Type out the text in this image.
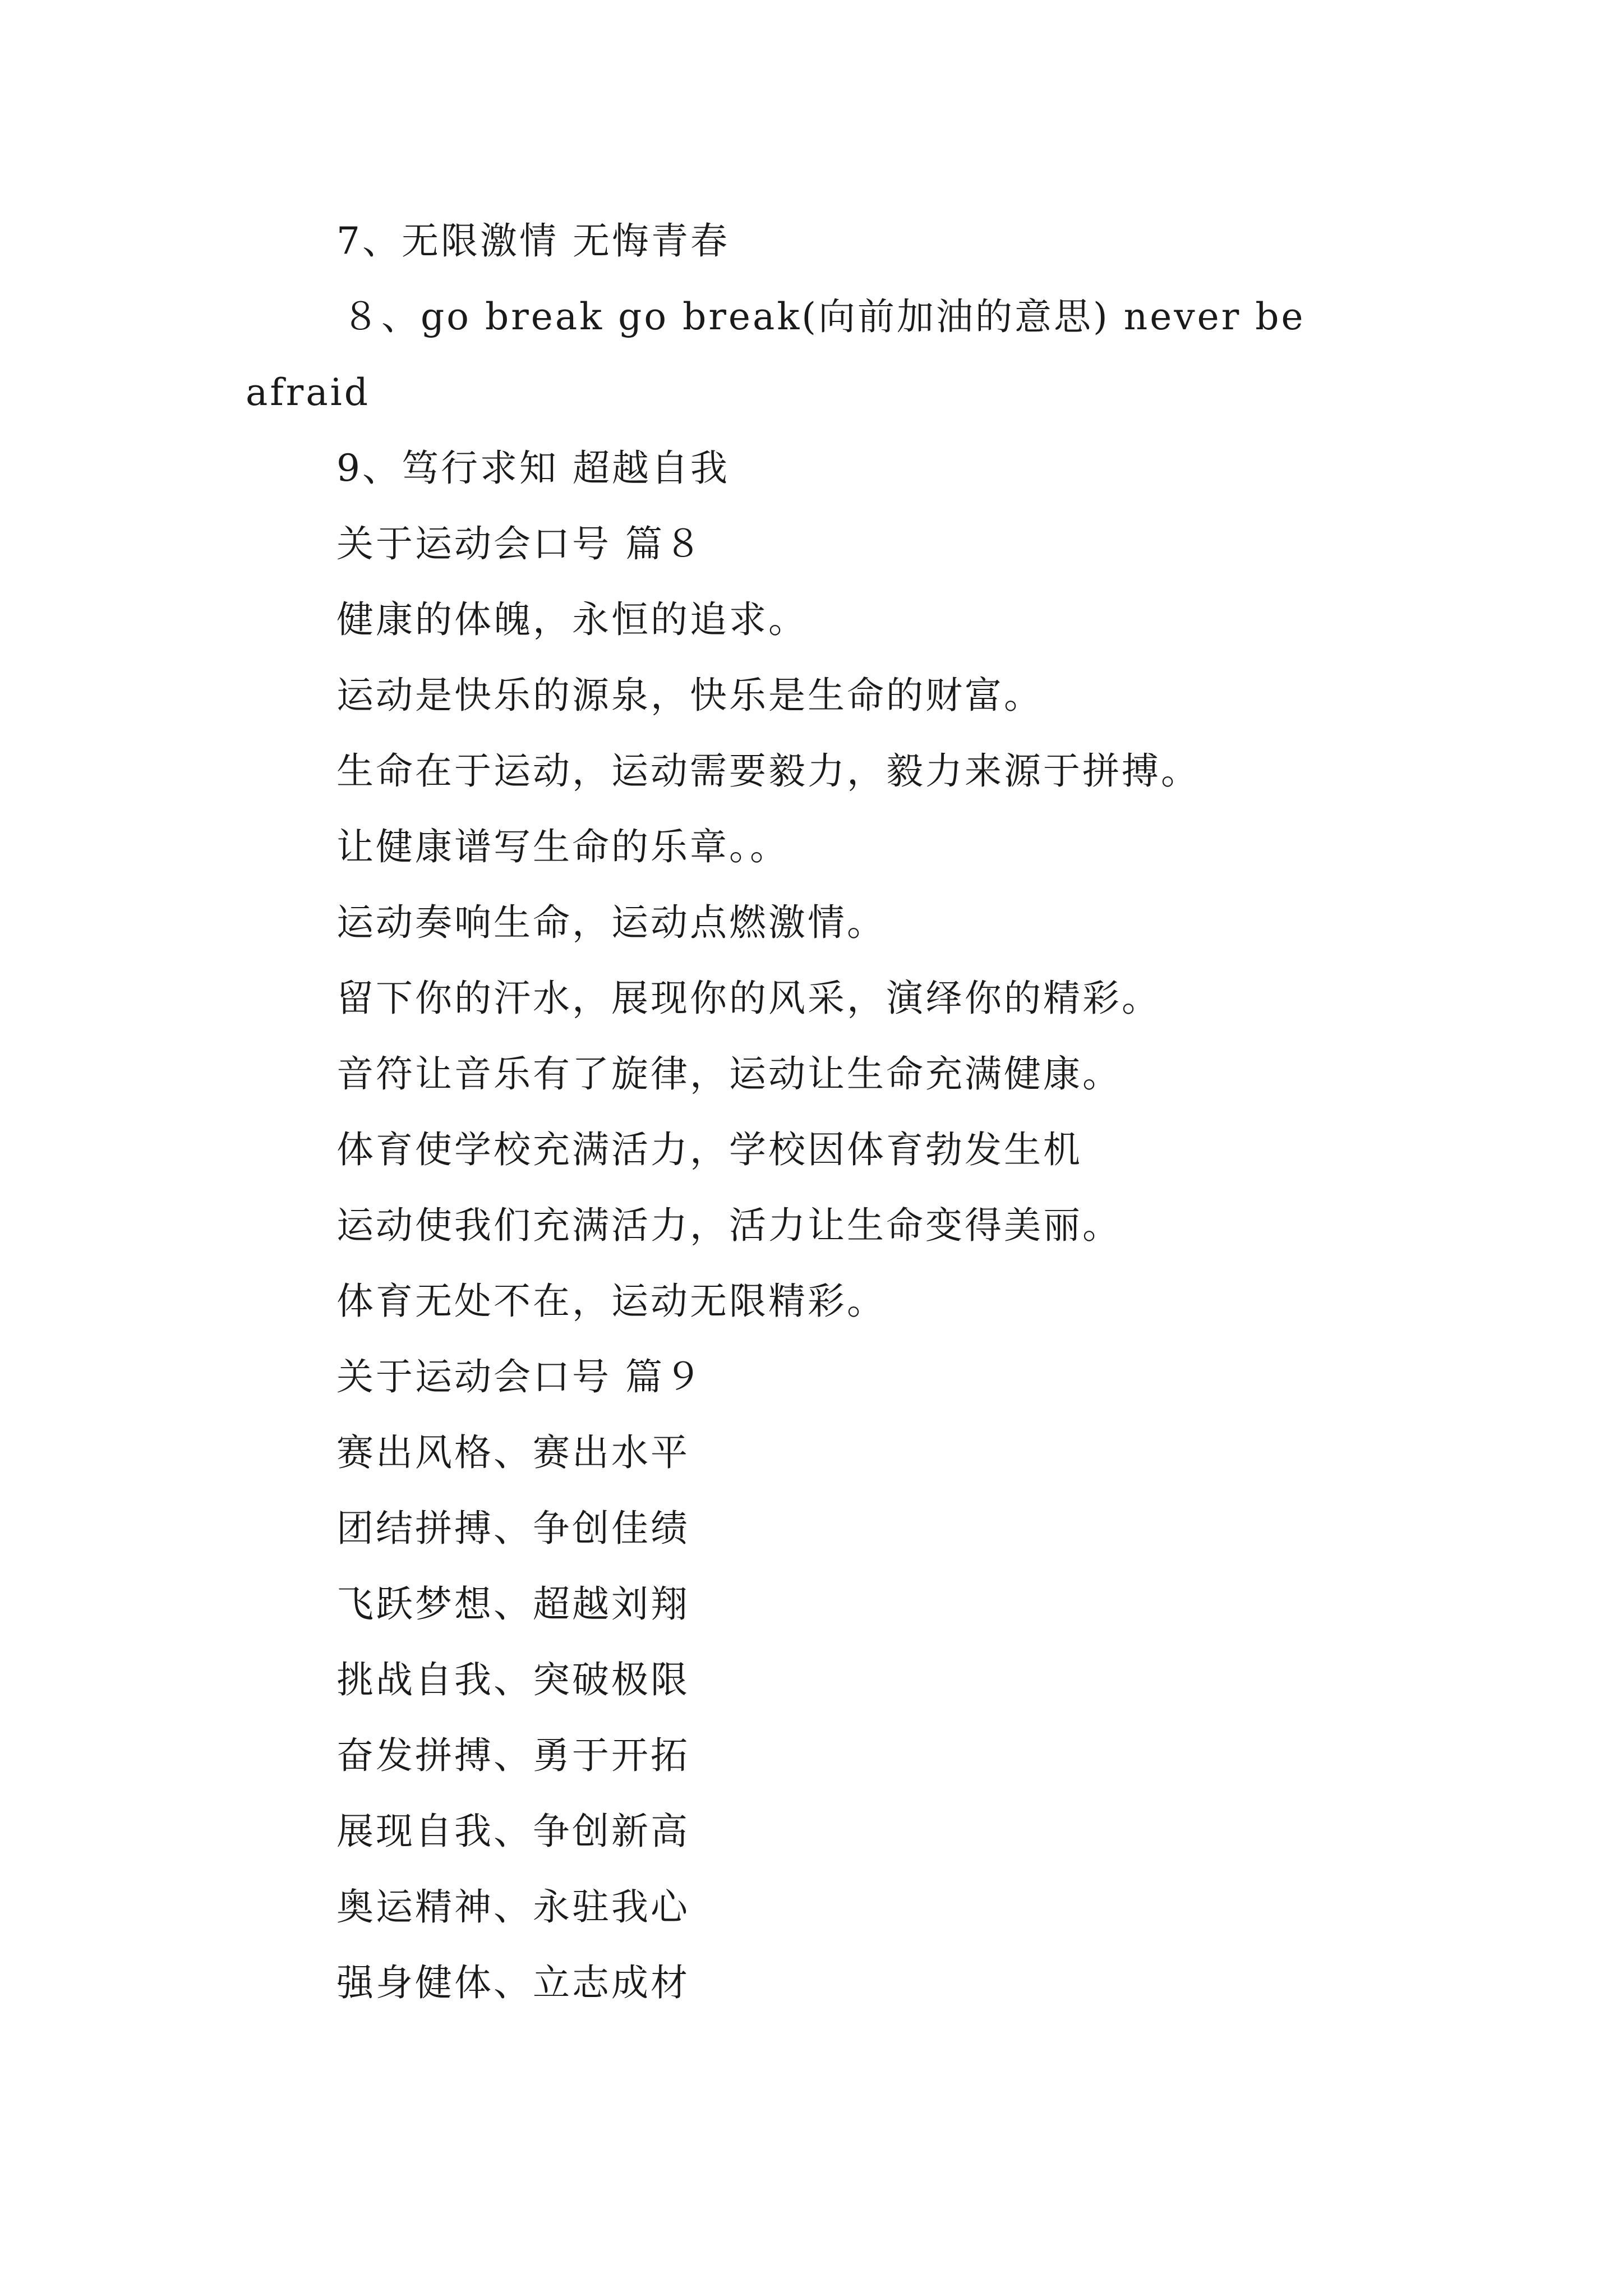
7、无限激情 无悔青春
８、go break go break(向前加油的意思) never be
afraid
9、笃行求知 超越自我
关于运动会口号 篇８
健康的体魄，永恒的追求。
运动是快乐的源泉，快乐是生命的财富。
生命在于运动，运动需要毅力，毅力来源于拼搏。
让健康谱写生命的乐章。。
运动奏响生命，运动点燃激情。
留下你的汗水，展现你的风采，演绎你的精彩。
音符让音乐有了旋律，运动让生命充满健康。
体育使学校充满活力，学校因体育勃发生机
运动使我们充满活力，活力让生命变得美丽。
体育无处不在，运动无限精彩。
关于运动会口号 篇９
赛出风格、赛出水平
团结拼搏、争创佳绩
飞跃梦想、超越刘翔
挑战自我、突破极限
奋发拼搏、勇于开拓
展现自我、争创新高
奥运精神、永驻我心
强身健体、立志成材
